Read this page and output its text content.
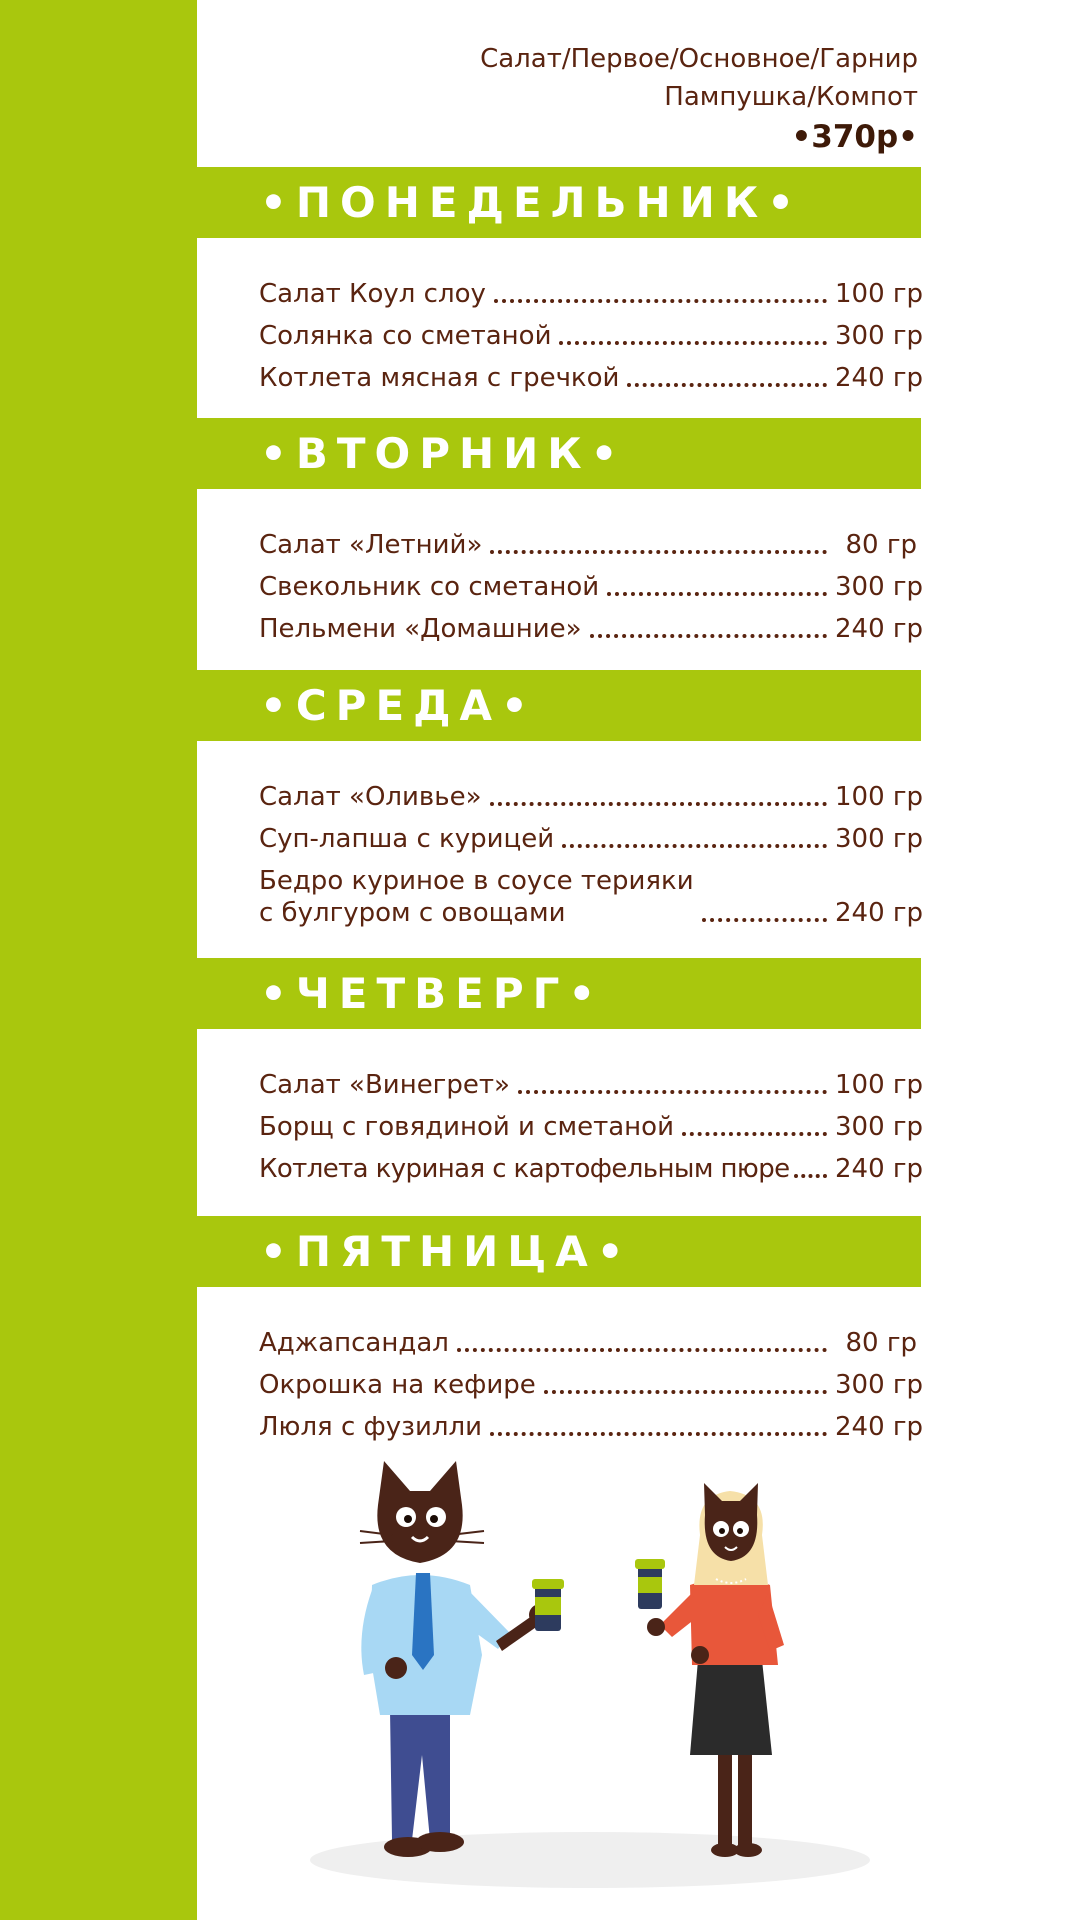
Салат/Первое/Основное/Гарнир
Пампушка/Компот
•370р•
•ПОНЕДЕЛЬНИК•
Салат Коул слоу	100 гр
Солянка со сметаной	300 гр
Котлета мясная с гречкой	240 гр
•ВТОРНИК•
Салат «Летний»	80 гр
Свекольник со сметаной	300 гр
Пельмени «Домашние»	240 гр
•СРЕДА•
Салат «Оливье»	100 гр
Суп-лапша с курицей	300 гр
Бедро куриное в соусе терияки
с булгуром с овощами	240 гр
•ЧЕТВЕРГ•
Салат «Винегрет»	100 гр
Борщ с говядиной и сметаной	300 гр
Котлета куриная с картофельным пюре 240 гр
•ПЯТНИЦА•
Аджапсандал	80 гр
Окрошка на кефире	300 гр
Люля с фузилли	240 гр
